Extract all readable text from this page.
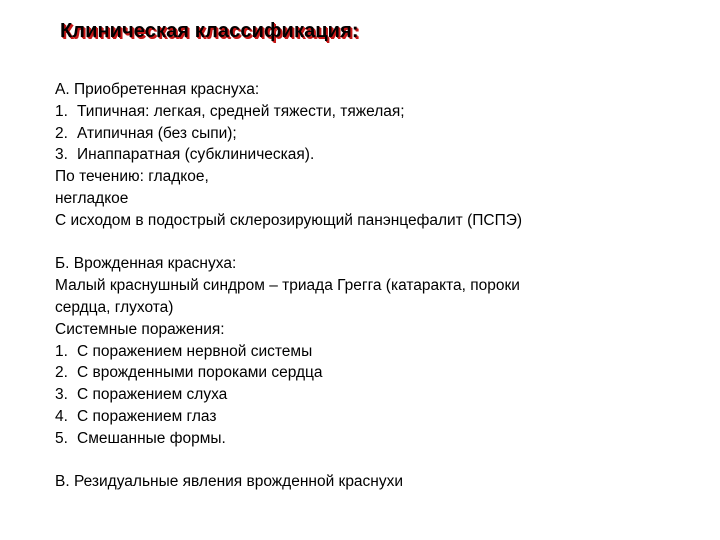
Клиническая классификация:
А. Приобретенная краснуха:
1. Типичная: легкая, средней тяжести, тяжелая;
2. Атипичная (без сыпи);
3. Инаппаратная (субклиническая).
По течению: гладкое,
негладкое
С исходом в подострый склерозирующий панэнцефалит (ПСПЭ)
Б. Врожденная краснуха:
Малый краснушный синдром – триада Грегга (катаракта, пороки
сердца, глухота)
Системные поражения:
1. С поражением нервной системы
2. С врожденными пороками сердца
3. С поражением слуха
4. С поражением глаз
5. Смешанные формы.
В. Резидуальные явления врожденной краснухи
